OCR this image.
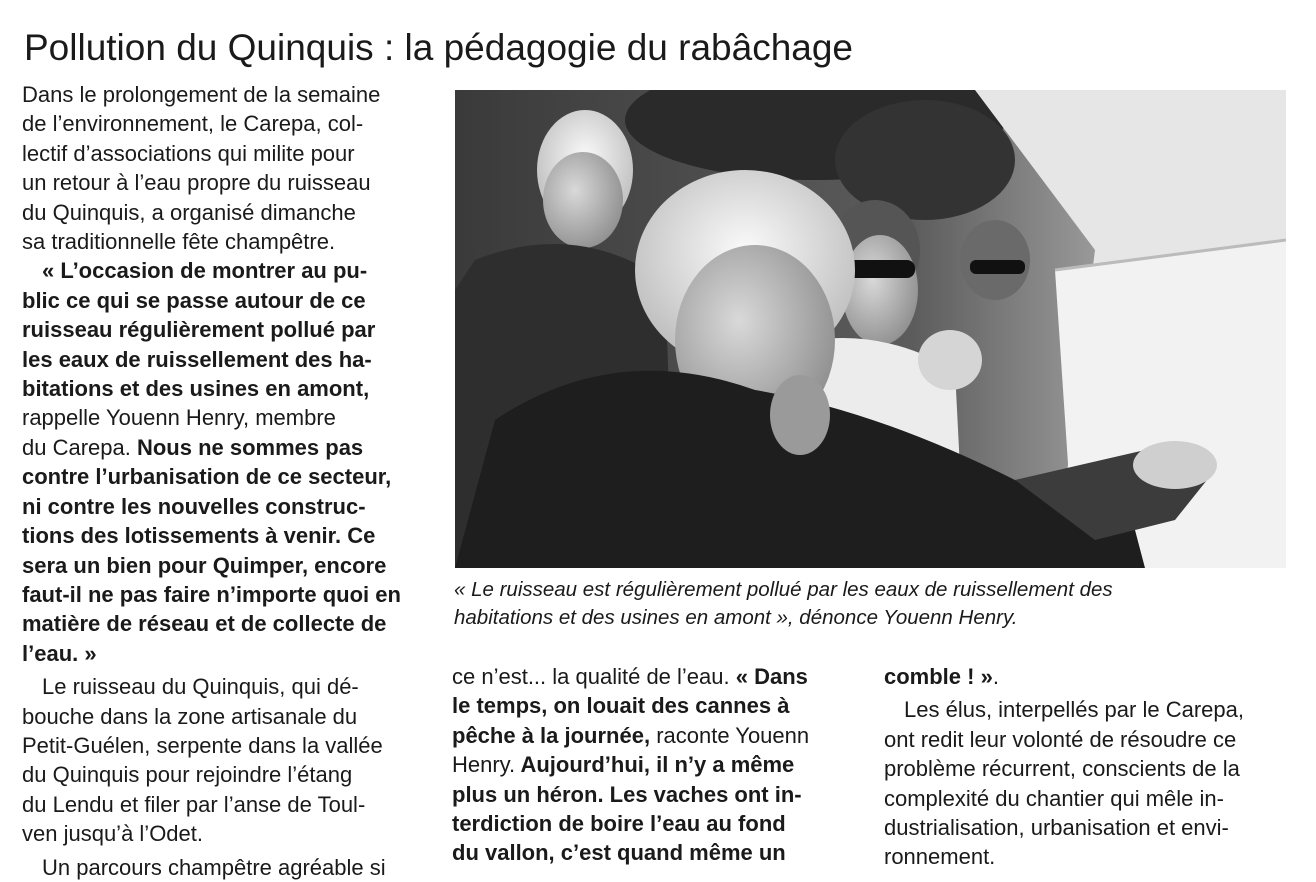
Pollution du Quinquis : la pédagogie du rabâchage

Dans le prolongement de la semaine
de l’environnement, le Carepa, col-
lectif d’associations qui milite pour
un retour à l’eau propre du ruisseau
du Quinquis, a organisé dimanche
sa traditionnelle fête champêtre.

« L’occasion de montrer au pu-
blic ce qui se passe autour de ce
ruisseau régulièrement pollué par
les eaux de ruissellement des ha-
bitations et des usines en amont,
rappelle Youenn Henry, membre
du Carepa. Nous ne sommes pas
contre l’urbanisation de ce secteur,
ni contre les nouvelles construc-
tions des lotissements à venir. Ce
sera un bien pour Quimper, encore
faut-il ne pas faire n’importe quoi en
matière de réseau et de collecte de
l’eau. »

Le ruisseau du Quinquis, qui dé-
bouche dans la zone artisanale du
Petit-Guélen, serpente dans la vallée
du Quinquis pour rejoindre l’étang
du Lendu et filer par l’anse de Toul-
ven jusqu’à l’Odet.

Un parcours champêtre agréable si

« Le ruisseau est régulièrement pollué par les eaux de ruissellement des

habitations et des usines en amont », dénonce Youenn Henry.

ce n’est... la qualité de l’eau. « Dans
le temps, on louait des cannes à
pêche à la journée, raconte Youenn
Henry. Aujourd’hui, il n’y a même
plus un héron. Les vaches ont in-
terdiction de boire l’eau au fond
du vallon, c’est quand même un

comble ! ».

Les élus, interpellés par le Carepa,
ont redit leur volonté de résoudre ce
problème récurrent, conscients de la
complexité du chantier qui mêle in-
dustrialisation, urbanisation et envi-
ronnement.
